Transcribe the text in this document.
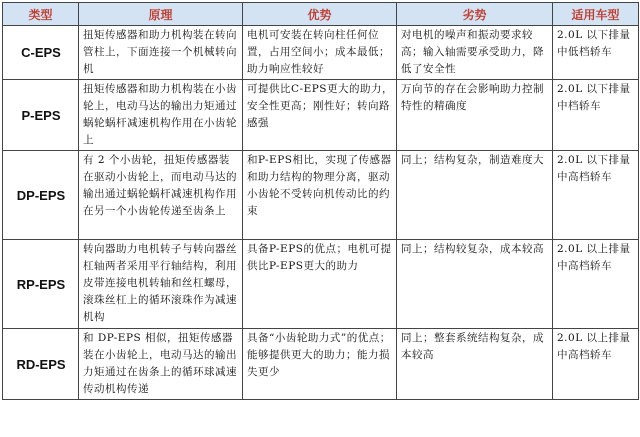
类型	原理	优势	劣势	适用车型
C-EPS	扭矩传感器和助力机构装在转向管柱上，下面连接一个机械转向机	电机可安装在转向柱任何位置，占用空间小；成本最低；助力响应性较好	对电机的噪声和振动要求较高；输入轴需要承受助力，降低了安全性	2.0L 以下排量中低档轿车

P-EPS	扭矩传感器和助力机构装在小齿轮上，电动马达的输出力矩通过蜗轮蜗杆减速机构作用在小齿轮上	可提供比C-EPS更大的助力，安全性更高；刚性好；转向路感强	万向节的存在会影响助力控制特性的精确度	2.0L 以下排量中档轿车

DP-EPS	有 2 个小齿轮，扭矩传感器装在驱动小齿轮上，而电动马达的输出通过蜗轮蜗杆减速机构作用在另一个小齿轮传递至齿条上	和P-EPS相比，实现了传感器和助力结构的物理分离，驱动小齿轮不受转向机传动比的约束	同上；结构复杂，制造难度大	2.0L 以下排量中高档轿车

RP-EPS	转向器助力电机转子与转向器丝杠轴两者采用平行轴结构，利用皮带连接电机转轴和丝杠螺母，滚珠丝杠上的循环滚珠作为减速机构	具备P-EPS的优点；电机可提供比P-EPS更大的助力	同上；结构较复杂，成本较高	2.0L 以上排量中高档轿车

RD-EPS	和 DP-EPS 相似，扭矩传感器装在小齿轮上，电动马达的输出力矩通过在齿条上的循环球减速传动机构传递	具备“小齿轮助力式”的优点；能够提供更大的助力；能力损失更少	同上；整套系统结构复杂，成本较高	2.0L 以上排量中高档轿车
